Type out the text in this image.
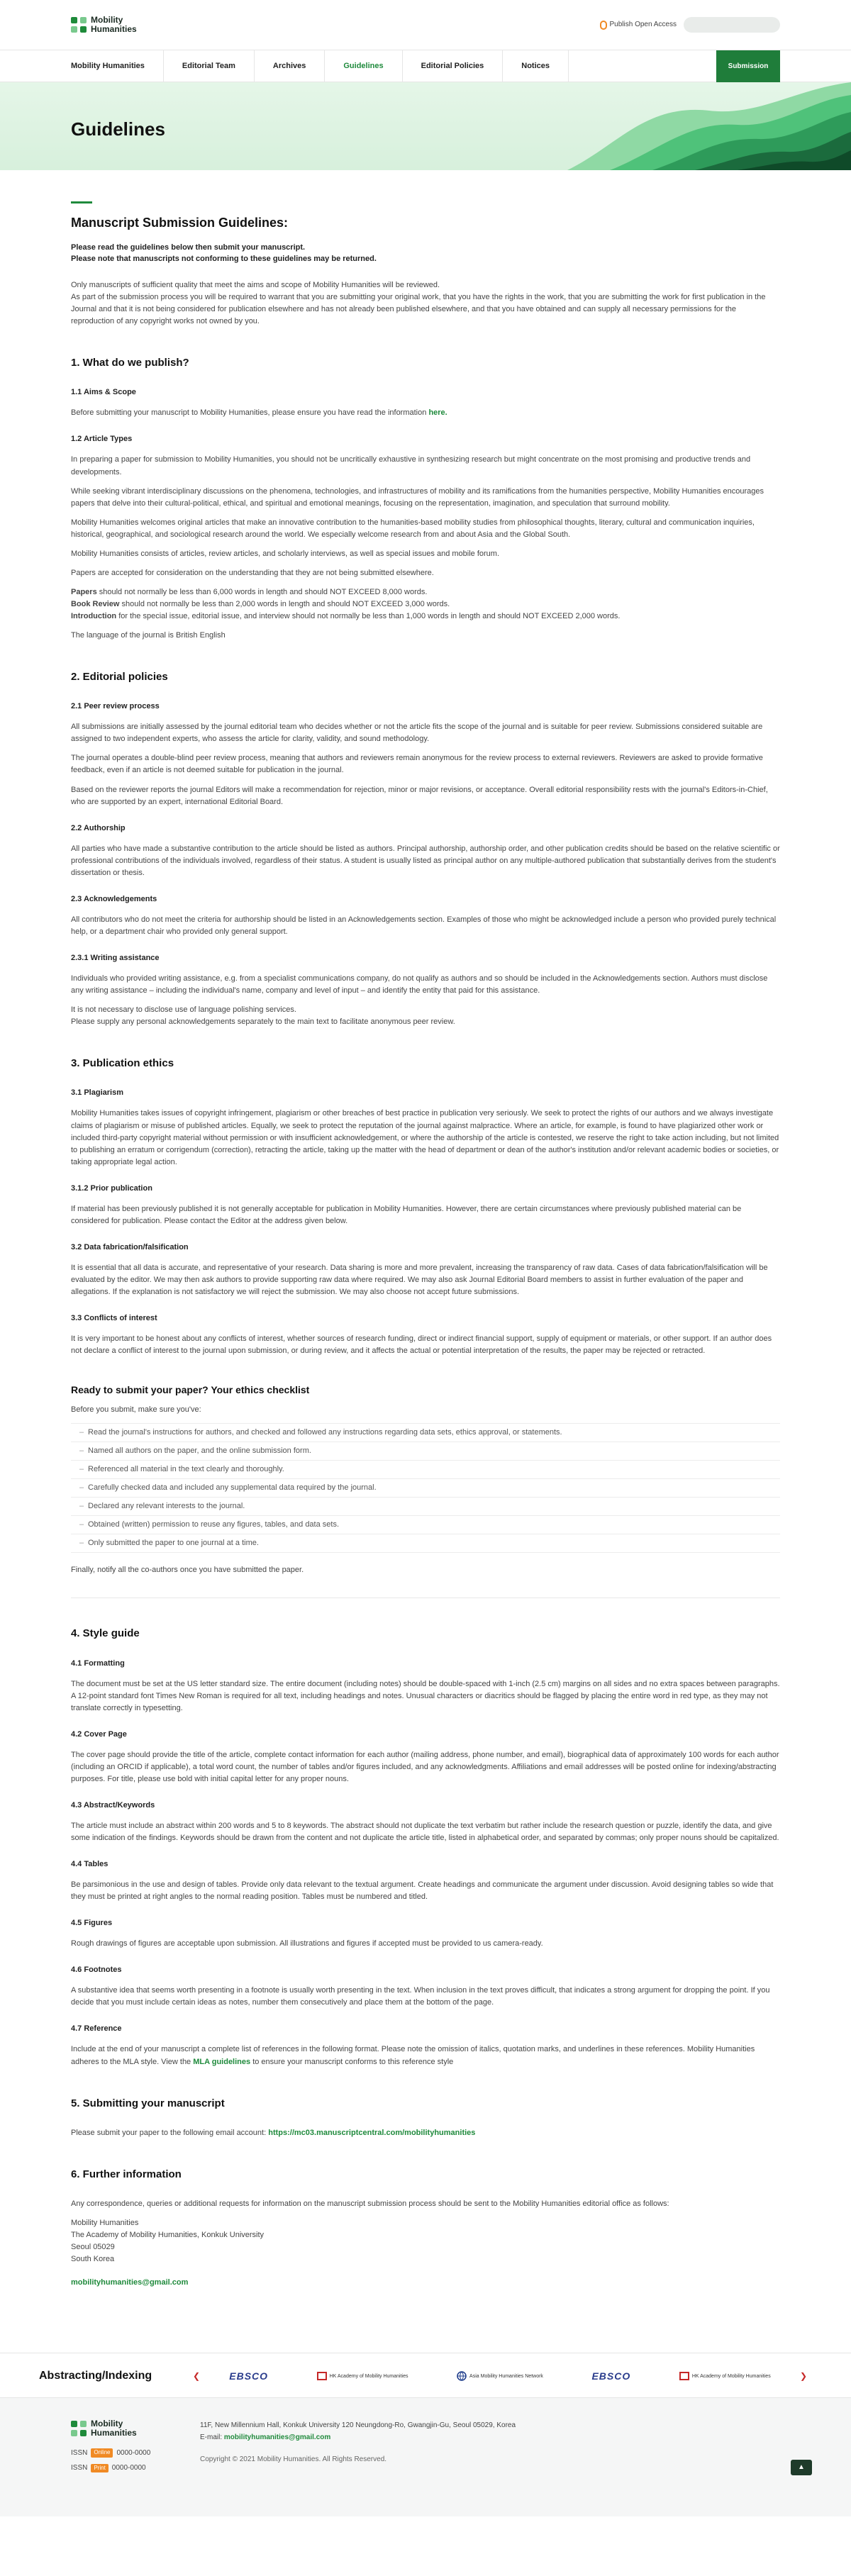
Mobility
Humanities	Publish Open Access
Mobility Humanities	Editorial Team	Archives	Guidelines	Editorial Policies	Notices	Submission
Guidelines
Manuscript Submission Guidelines:
Please read the guidelines below then submit your manuscript.
Please note that manuscripts not conforming to these guidelines may be returned.

Only manuscripts of sufficient quality that meet the aims and scope of Mobility Humanities will be reviewed.

As part of the submission process you will be required to warrant that you are submitting your original work, that you have the rights in the work, that you are submitting the work for first publication in the Journal and that it is not being considered for publication elsewhere and has not already been published elsewhere, and that you have obtained and can supply all necessary permissions for the reproduction of any copyright works not owned by you.

1. What do we publish?
1.1 Aims & Scope

Before submitting your manuscript to Mobility Humanities, please ensure you have read the information here.

1.2 Article Types

In preparing a paper for submission to Mobility Humanities, you should not be uncritically exhaustive in synthesizing research but might concentrate on the most promising and productive trends and developments.

While seeking vibrant interdisciplinary discussions on the phenomena, technologies, and infrastructures of mobility and its ramifications from the humanities perspective, Mobility Humanities encourages papers that delve into their cultural-political, ethical, and spiritual and emotional meanings, focusing on the representation, imagination, and speculation that surround mobility.

Mobility Humanities welcomes original articles that make an innovative contribution to the humanities-based mobility studies from philosophical thoughts, literary, cultural and communication inquiries, historical, geographical, and sociological research around the world. We especially welcome research from and about Asia and the Global South.

Mobility Humanities consists of articles, review articles, and scholarly interviews, as well as special issues and mobile forum.

Papers are accepted for consideration on the understanding that they are not being submitted elsewhere.

Papers should not normally be less than 6,000 words in length and should NOT EXCEED 8,000 words.
Book Review should not normally be less than 2,000 words in length and should NOT EXCEED 3,000 words.
Introduction for the special issue, editorial issue, and interview should not normally be less than 1,000 words in length and should NOT EXCEED 2,000 words.

The language of the journal is British English

2. Editorial policies
2.1 Peer review process

All submissions are initially assessed by the journal editorial team who decides whether or not the article fits the scope of the journal and is suitable for peer review. Submissions considered suitable are assigned to two independent experts, who assess the article for clarity, validity, and sound methodology.

The journal operates a double-blind peer review process, meaning that authors and reviewers remain anonymous for the review process to external reviewers. Reviewers are asked to provide formative feedback, even if an article is not deemed suitable for publication in the journal.

Based on the reviewer reports the journal Editors will make a recommendation for rejection, minor or major revisions, or acceptance. Overall editorial responsibility rests with the journal's Editors-in-Chief, who are supported by an expert, international Editorial Board.

2.2 Authorship

All parties who have made a substantive contribution to the article should be listed as authors. Principal authorship, authorship order, and other publication credits should be based on the relative scientific or professional contributions of the individuals involved, regardless of their status. A student is usually listed as principal author on any multiple-authored publication that substantially derives from the student's dissertation or thesis.

2.3 Acknowledgements

All contributors who do not meet the criteria for authorship should be listed in an Acknowledgements section. Examples of those who might be acknowledged include a person who provided purely technical help, or a department chair who provided only general support.

2.3.1 Writing assistance

Individuals who provided writing assistance, e.g. from a specialist communications company, do not qualify as authors and so should be included in the Acknowledgements section. Authors must disclose any writing assistance – including the individual's name, company and level of input – and identify the entity that paid for this assistance.

It is not necessary to disclose use of language polishing services.

Please supply any personal acknowledgements separately to the main text to facilitate anonymous peer review.

3. Publication ethics
3.1 Plagiarism

Mobility Humanities takes issues of copyright infringement, plagiarism or other breaches of best practice in publication very seriously. We seek to protect the rights of our authors and we always investigate claims of plagiarism or misuse of published articles. Equally, we seek to protect the reputation of the journal against malpractice. Where an article, for example, is found to have plagiarized other work or included third-party copyright material without permission or with insufficient acknowledgement, or where the authorship of the article is contested, we reserve the right to take action including, but not limited to publishing an erratum or corrigendum (correction), retracting the article, taking up the matter with the head of department or dean of the author's institution and/or relevant academic bodies or societies, or taking appropriate legal action.

3.1.2 Prior publication

If material has been previously published it is not generally acceptable for publication in Mobility Humanities. However, there are certain circumstances where previously published material can be considered for publication. Please contact the Editor at the address given below.

3.2 Data fabrication/falsification

It is essential that all data is accurate, and representative of your research. Data sharing is more and more prevalent, increasing the transparency of raw data. Cases of data fabrication/falsification will be evaluated by the editor. We may then ask authors to provide supporting raw data where required. We may also ask Journal Editorial Board members to assist in further evaluation of the paper and allegations. If the explanation is not satisfactory we will reject the submission. We may also choose not accept future submissions.

3.3 Conflicts of interest

It is very important to be honest about any conflicts of interest, whether sources of research funding, direct or indirect financial support, supply of equipment or materials, or other support. If an author does not declare a conflict of interest to the journal upon submission, or during review, and it affects the actual or potential interpretation of the results, the paper may be rejected or retracted.

Ready to submit your paper? Your ethics checklist

Before you submit, make sure you've:

– Read the journal's instructions for authors, and checked and followed any instructions regarding data sets, ethics approval, or statements.
– Named all authors on the paper, and the online submission form.
– Referenced all material in the text clearly and thoroughly.
– Carefully checked data and included any supplemental data required by the journal.
– Declared any relevant interests to the journal.
– Obtained (written) permission to reuse any figures, tables, and data sets.
– Only submitted the paper to one journal at a time.

Finally, notify all the co-authors once you have submitted the paper.

4. Style guide
4.1 Formatting

The document must be set at the US letter standard size. The entire document (including notes) should be double-spaced with 1-inch (2.5 cm) margins on all sides and no extra spaces between paragraphs. A 12-point standard font Times New Roman is required for all text, including headings and notes. Unusual characters or diacritics should be flagged by placing the entire word in red type, as they may not translate correctly in typesetting.

4.2 Cover Page

The cover page should provide the title of the article, complete contact information for each author (mailing address, phone number, and email), biographical data of approximately 100 words for each author (including an ORCID if applicable), a total word count, the number of tables and/or figures included, and any acknowledgments. Affiliations and email addresses will be posted online for indexing/abstracting purposes. For title, please use bold with initial capital letter for any proper nouns.

4.3 Abstract/Keywords

The article must include an abstract within 200 words and 5 to 8 keywords. The abstract should not duplicate the text verbatim but rather include the research question or puzzle, identify the data, and give some indication of the findings. Keywords should be drawn from the content and not duplicate the article title, listed in alphabetical order, and separated by commas; only proper nouns should be capitalized.

4.4 Tables

Be parsimonious in the use and design of tables. Provide only data relevant to the textual argument. Create headings and communicate the argument under discussion. Avoid designing tables so wide that they must be printed at right angles to the normal reading position. Tables must be numbered and titled.

4.5 Figures

Rough drawings of figures are acceptable upon submission. All illustrations and figures if accepted must be provided to us camera-ready.

4.6 Footnotes

A substantive idea that seems worth presenting in a footnote is usually worth presenting in the text. When inclusion in the text proves difficult, that indicates a strong argument for dropping the point. If you decide that you must include certain ideas as notes, number them consecutively and place them at the bottom of the page.

4.7 Reference

Include at the end of your manuscript a complete list of references in the following format. Please note the omission of italics, quotation marks, and underlines in these references. Mobility Humanities adheres to the MLA style. View the MLA guidelines to ensure your manuscript conforms to this reference style

5. Submitting your manuscript

Please submit your paper to the following email account: https://mc03.manuscriptcentral.com/mobilityhumanities

6. Further information

Any correspondence, queries or additional requests for information on the manuscript submission process should be sent to the Mobility Humanities editorial office as follows:

Mobility Humanities

The Academy of Mobility Humanities, Konkuk University

Seoul 05029

South Korea

mobilityhumanities@gmail.com

Abstracting/Indexing	❮	EBSCO	HK Academy of Mobility Humanities	Asia Mobility Humanities Network	EBSCO	HK Academy of Mobility Humanities	❯
Mobility
Humanities
ISSN	Online 0000-0000
ISSN	Print 0000-0000
11F, New Millennium Hall, Konkuk University 120 Neungdong-Ro, Gwangjin-Gu, Seoul 05029, Korea
E-mail: mobilityhumanities@gmail.com
Copyright © 2021 Mobility Humanities. All Rights Reserved.
▲
